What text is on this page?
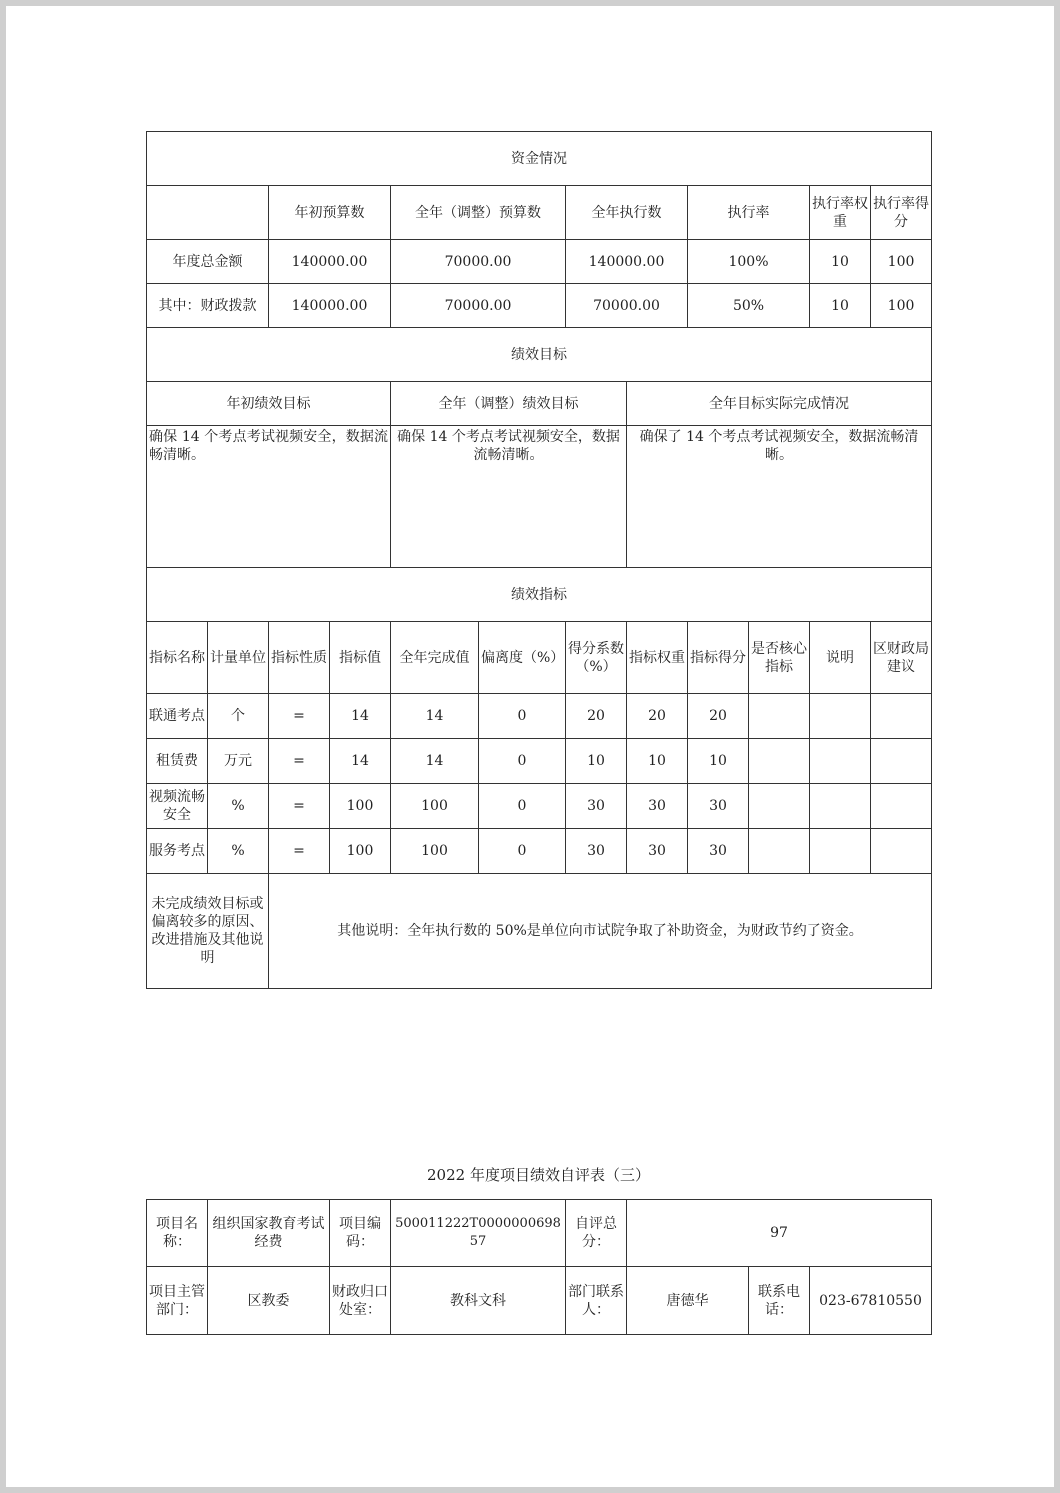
资金情况											
		年初预算数		全年（调整）预算数		全年执行数		执行率		执行率权重	执行率得分
年度总金额		140000.00		70000.00		140000.00		100%		10	100
其中：财政拨款		140000.00		70000.00		70000.00		50%		10	100
绩效目标											
年初绩效目标				全年（调整）绩效目标			全年目标实际完成情况				
确保 14 个考点考试视频安全，数据流畅清晰。				确保 14 个考点考试视频安全，数据流畅清晰。			确保了 14 个考点考试视频安全，数据流畅清晰。				
绩效指标											
指标名称	计量单位	指标性质	指标值	全年完成值	偏离度（%）	得分系数（%）	指标权重	指标得分	是否核心指标	说明	区财政局建议
联通考点	个	=	14	14	0	20	20	20			
租赁费	万元	=	14	14	0	10	10	10			
视频流畅安全	%	=	100	100	0	30	30	30			
服务考点	%	=	100	100	0	30	30	30			
未完成绩效目标或偏离较多的原因、改进措施及其他说明		其他说明：全年执行数的 50%是单位向市试院争取了补助资金，为财政节约了资金。									
2022 年度项目绩效自评表（三）
项目名称：	组织国家教育考试经费	项目编码：	500011222T000000069857	自评总分：	97		
项目主管部门：	区教委	财政归口处室：	教科文科	部门联系人：	唐德华	联系电话：	023-67810550
